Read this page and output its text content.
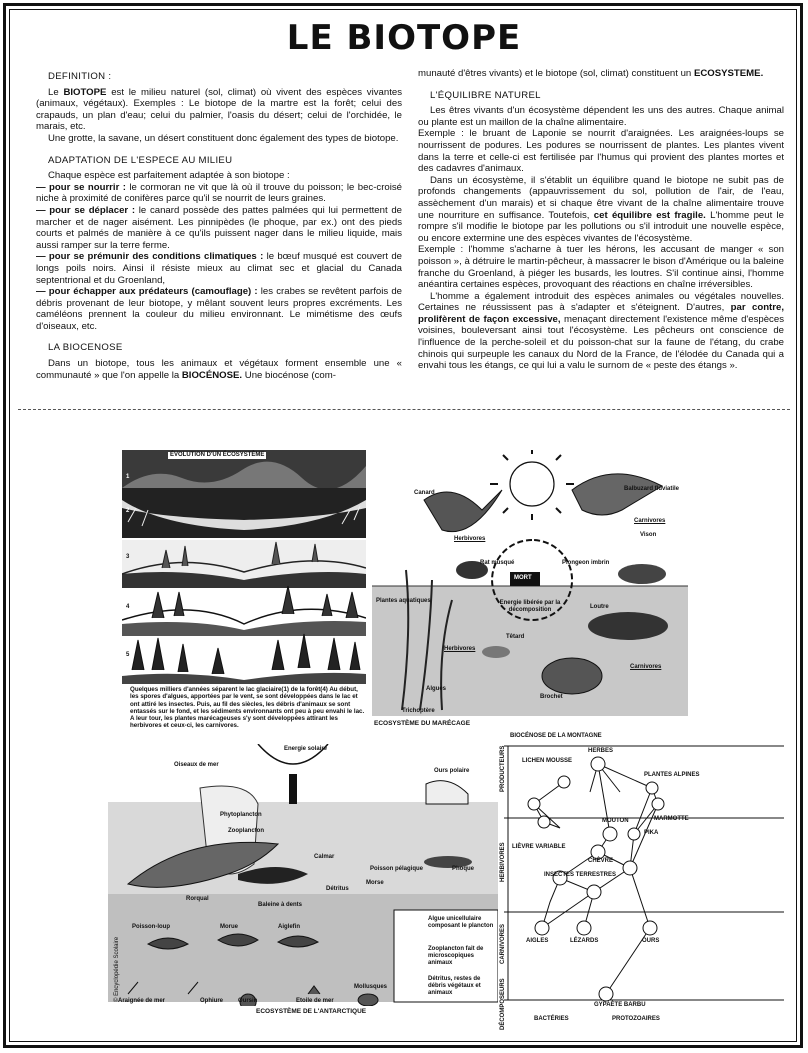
LE BIOTOPE

DEFINITION :

Le BIOTOPE est le milieu naturel (sol, climat) où vivent des espèces vivantes (animaux, végétaux). Exemples : Le biotope de la martre est la forêt; celui des crapauds, un plan d'eau; celui du palmier, l'oasis du désert; celui de l'orchidée, le marais, etc.

Une grotte, la savane, un désert constituent donc également des types de biotope.

ADAPTATION DE L'ESPECE AU MILIEU

Chaque espèce est parfaitement adaptée à son biotope :

— pour se nourrir : le cormoran ne vit que là où il trouve du poisson; le bec-croisé niche à proximité de conifères parce qu'il se nourrit de leurs graines.

— pour se déplacer : le canard possède des pattes palmées qui lui permettent de marcher et de nager aisément. Les pinnipèdes (le phoque, par ex.) ont des pieds courts et palmés de manière à ce qu'ils puissent nager dans le milieu liquide, mais aussi ramper sur la terre ferme.

— pour se prémunir des conditions climatiques : le bœuf musqué est couvert de longs poils noirs. Ainsi il résiste mieux au climat sec et glacial du Canada septentrional et du Groenland,

— pour échapper aux prédateurs (camouflage) : les crabes se revêtent parfois de débris provenant de leur biotope, y mêlant souvent leurs propres excréments. Les caméléons prennent la couleur du milieu environnant. Le mimétisme des œufs d'oiseaux, etc.

LA BIOCENOSE

Dans un biotope, tous les animaux et végétaux forment ensemble une « communauté » que l'on appelle la BIOCÉNOSE. Une biocénose (com-

munauté d'êtres vivants) et le biotope (sol, climat) constituent un ECOSYSTEME.

L'ÉQUILIBRE NATUREL

Les êtres vivants d'un écosystème dépendent les uns des autres. Chaque animal ou plante est un maillon de la chaîne alimentaire.

Exemple : le bruant de Laponie se nourrit d'araignées. Les araignées-loups se nourrissent de podures. Les podures se nourrissent de plantes. Les plantes vivent dans la terre et celle-ci est fertilisée par l'humus qui provient des plantes mortes et des cadavres d'animaux.

Dans un écosystème, il s'établit un équilibre quand le biotope ne subit pas de profonds changements (appauvrissement du sol, pollution de l'air, de l'eau, assèchement d'un marais) et si chaque être vivant de la chaîne alimentaire trouve une nourriture en suffisance. Toutefois, cet équilibre est fragile. L'homme peut le rompre s'il modifie le biotope par les pollutions ou s'il introduit une nouvelle espèce, ou encore extermine une des espèces vivantes de l'écosystème.

Exemple : l'homme s'acharne à tuer les hérons, les accusant de manger « son poisson », à détruire le martin-pêcheur, à massacrer le bison d'Amérique ou la baleine franche du Groenland, à piéger les busards, les loutres. S'il continue ainsi, l'homme anéantira certaines espèces, provoquant des réactions en chaîne irréversibles.

L'homme a également introduit des espèces animales ou végétales nouvelles. Certaines ne réussissent pas à s'adapter et s'éteignent. D'autres, par contre, prolifèrent de façon excessive, menaçant directement l'existence même d'espèces voisines, bouleversant ainsi tout l'écosystème. Les pêcheurs ont conscience de l'influence de la perche-soleil et du poisson-chat sur la faune de l'étang, du crabe chinois qui surpeuple les canaux du Nord de la France, de l'élodée du Canada qui a envahi tous les étangs, ce qui lui a valu le surnom de « peste des étangs ».

ÉVOLUTION D'UN ÉCOSYSTÈME
1
2
3
4
5
Quelques milliers d'années séparent le lac glaciaire(1) de la forêt(4) Au début, les spores d'algues, apportées par le vent, se sont développées dans le lac et ont attiré les insectes. Puis, au fil des siècles, les débris d'animaux se sont entassés sur le fond, et les sédiments environnants ont peu à peu envahi le lac. A leur tour, les plantes marécageuses s'y sont développées attirant les herbivores et ceux-ci, les carnivores.
Canard
Balbuzard fluviatile
Carnivores
Vison
Herbivores
Rat musqué
MORT
Plongeon imbrin
Plantes aquatiques	Energie libérée par la décomposition	Loutre
Têtard
Herbivores
Carnivores
Brochet
Algues
Trichoptère
ECOSYSTÈME DU MARÉCAGE
Energie solaire
Oiseaux de mer
Ours polaire
Phytoplancton
Zooplancton
Calmar
Poisson pélagique	Phoque
Détritus
Morse
Rorqual
Baleine à dents
Poisson-loup	Morue	Aiglefin
Araignée de mer	Ophiure Oursin	Etoile de mer
Mollusques
Algue unicellulaire composant le plancton
Zooplancton fait de microscopiques animaux
Détritus, restes de débris végétaux et animaux
ECOSYSTÈME DE L'ANTARCTIQUE
© Encyclopédie Scolaire
BIOCÉNOSE DE LA MONTAGNE
PRODUCTEURS
HERBIVORES
CARNIVORES
DÉCOMPOSEURS
HERBES
LICHEN MOUSSE
PLANTES ALPINES
MOUTON
PIKA
MARMOTTE
LIÈVRE VARIABLE
CHÈVRE
INSECTES TERRESTRES
AIGLES	LÉZARDS	OURS
GYPAÈTE BARBU
BACTÉRIES	PROTOZOAIRES
